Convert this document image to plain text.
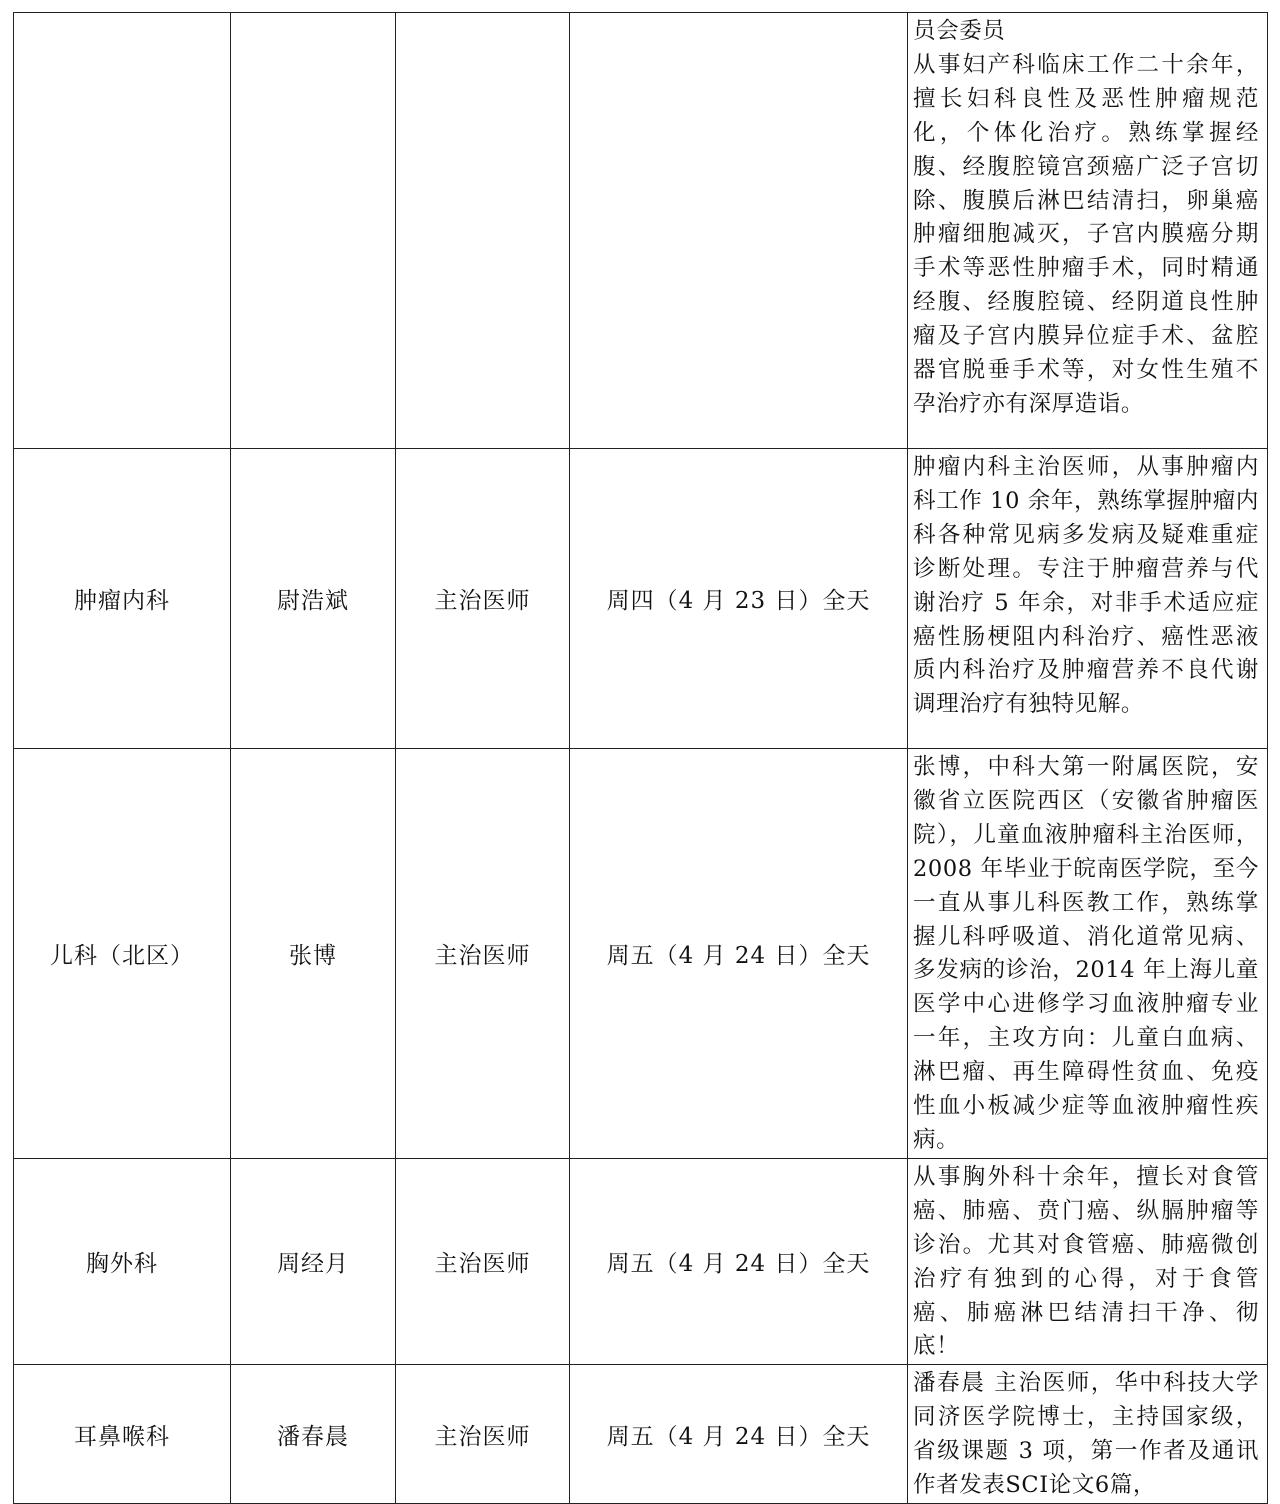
				员会委员
从事妇产科临床工作二十余年，擅长妇科良性及恶性肿瘤规范化，个体化治疗。熟练掌握经腹、经腹腔镜宫颈癌广泛子宫切除、腹膜后淋巴结清扫，卵巢癌肿瘤细胞减灭，子宫内膜癌分期手术等恶性肿瘤手术，同时精通经腹、经腹腔镜、经阴道良性肿瘤及子宫内膜异位症手术、盆腔器官脱垂手术等，对女性生殖不孕治疗亦有深厚造诣。
肿瘤内科	尉浩斌	主治医师	周四（4 月 23 日）全天	肿瘤内科主治医师，从事肿瘤内科工作 10 余年，熟练掌握肿瘤内科各种常见病多发病及疑难重症诊断处理。专注于肿瘤营养与代谢治疗 5 年余，对非手术适应症癌性肠梗阻内科治疗、癌性恶液质内科治疗及肿瘤营养不良代谢调理治疗有独特见解。
儿科（北区）	张博	主治医师	周五（4 月 24 日）全天	张博，中科大第一附属医院，安徽省立医院西区（安徽省肿瘤医院），儿童血液肿瘤科主治医师，2008 年毕业于皖南医学院，至今一直从事儿科医教工作，熟练掌握儿科呼吸道、消化道常见病、多发病的诊治，2014 年上海儿童医学中心进修学习血液肿瘤专业一年，主攻方向：儿童白血病、淋巴瘤、再生障碍性贫血、免疫性血小板减少症等血液肿瘤性疾病。
胸外科	周经月	主治医师	周五（4 月 24 日）全天	从事胸外科十余年，擅长对食管癌、肺癌、贲门癌、纵膈肿瘤等诊治。尤其对食管癌、肺癌微创治疗有独到的心得，对于食管癌、肺癌淋巴结清扫干净、彻底！
耳鼻喉科	潘春晨	主治医师	周五（4 月 24 日）全天	潘春晨 主治医师，华中科技大学同济医学院博士，主持国家级，省级课题 3 项，第一作者及通讯作者发表SCI论文6篇，
